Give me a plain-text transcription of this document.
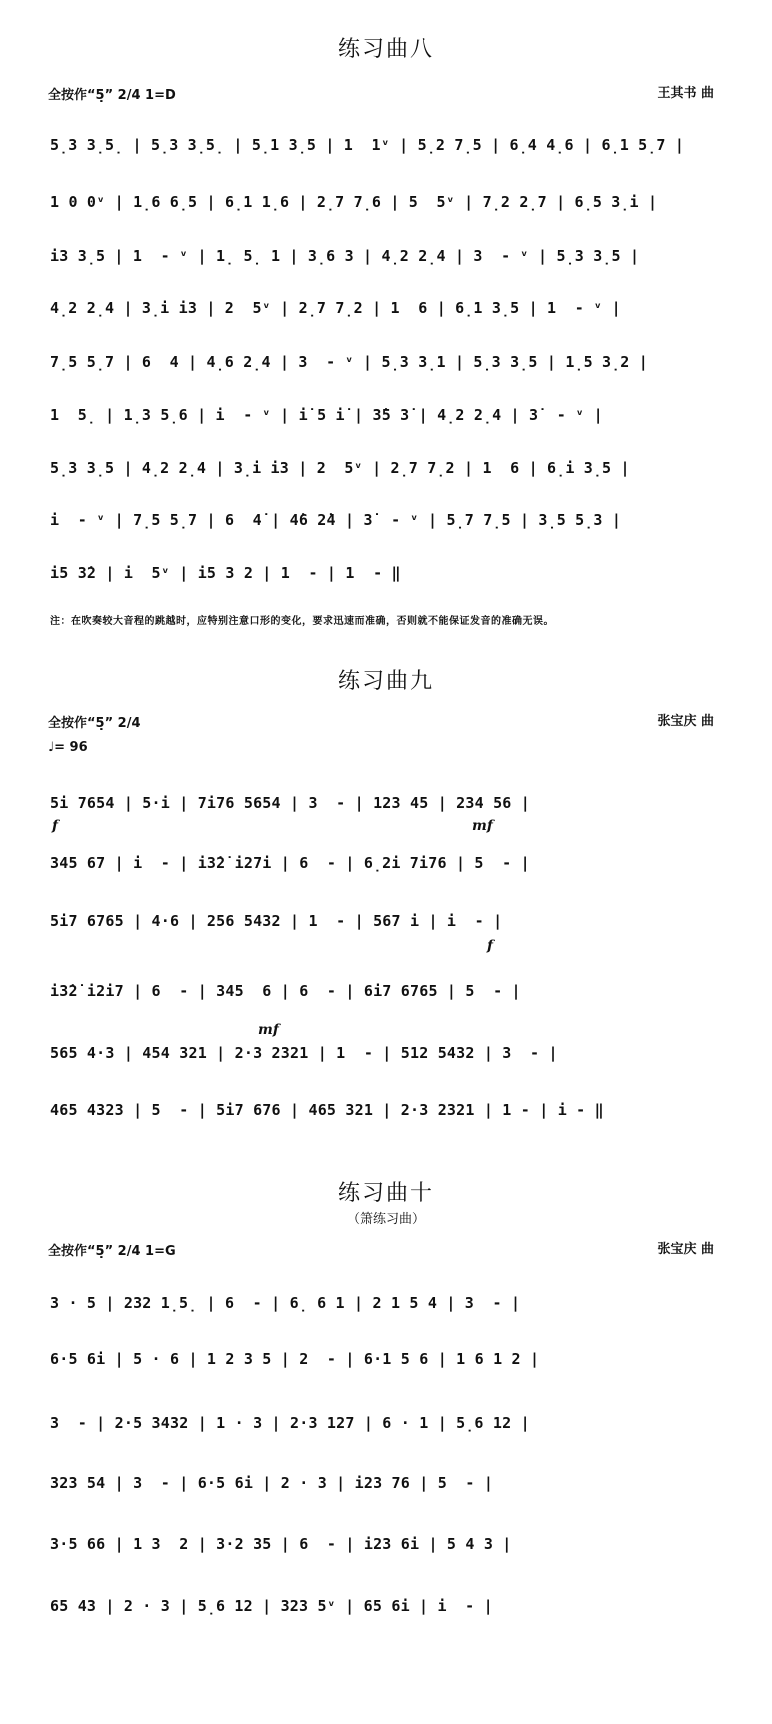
练习曲八
全按作“5̣” 2/4 1=D	王其书 曲
5̣3 3̣5̣ | 5̣3 3̣5̣ | 5̣1 3̣5 | 1  1ᵛ | 5̣2 7̣5 | 6̣4 4̣6 | 6̣1 5̣7 |
1 0 0ᵛ | 1̣6 6̣5 | 6̣1 1̣6 | 2̣7 7̣6 | 5  5ᵛ | 7̣2 2̣7 | 6̣5 3̣i |
i3 3̣5 | 1  - ᵛ | 1̣ 5̣ 1 | 3̣6 3 | 4̣2 2̣4 | 3  - ᵛ | 5̣3 3̣5 |
4̣2 2̣4 | 3̣i i3 | 2  5ᵛ | 2̣7 7̣2 | 1  6 | 6̣1 3̣5 | 1  - ᵛ |
7̣5 5̣7 | 6  4 | 4̣6 2̣4 | 3  - ᵛ | 5̣3 3̣1 | 5̣3 3̣5 | 1̣5 3̣2 |
1  5̣ | 1̣3 5̣6 | i  - ᵛ | i̇ 5 i̇ | 3̇5 3̇ | 4̣2 2̣4 | 3̇  - ᵛ |
5̣3 3̣5 | 4̣2 2̣4 | 3̣i i3 | 2  5ᵛ | 2̣7 7̣2 | 1  6 | 6̣i 3̣5 |
i  - ᵛ | 7̣5 5̣7 | 6  4̇ | 4̇6 2̇4 | 3̇  - ᵛ | 5̣7 7̣5 | 3̣5 5̣3 |
i5 3̇2 | i  5ᵛ | i5 3 2 | 1  - | 1  - ‖
注：在吹奏较大音程的跳越时，应特别注意口形的变化，要求迅速而准确，否则就不能保证发音的准确无误。
练习曲九
全按作“5̣” 2/4
♩= 96
张宝庆 曲
5i 7654 | 5·i | 7i76 5654 | 3  - | 123 45 | 234 56 |
345 67 | i  - | i3̇2̇ i27i | 6  - | 6̣2i 7i76 | 5  - |
5i7 6765 | 4·6 | 256 5432 | 1  - | 567 i | i  - |
i3̇2̇ i2i7 | 6  - | 345  6 | 6  - | 6i7 6765 | 5  - |
565 4·3 | 454 321 | 2·3 2321 | 1  - | 512 5432 | 3  - |
465 4323 | 5  - | 5i7 676 | 465 321 | 2·3 2321 | 1 - | i - ‖
f	mf
f
mf
练习曲十
（箫练习曲）
全按作“5̣” 2/4 1=G	张宝庆 曲
3 · 5 | 232 1̣5̣ | 6  - | 6̣ 6 1 | 2 1 5 4 | 3  - |
6·5 6i | 5 · 6 | 1 2 3 5 | 2  - | 6·1 5 6 | 1 6 1 2 |
3  - | 2·5 3432 | 1 · 3 | 2·3 127 | 6 · 1 | 5̣6 12 |
323 54 | 3  - | 6·5 6i | 2 · 3 | i23 76 | 5  - |
3·5 66 | 1 3  2 | 3·2 35 | 6  - | i23 6i | 5 4 3 |
65 43 | 2 · 3 | 5̣6 12 | 323 5ᵛ | 65 6i | i  - |
